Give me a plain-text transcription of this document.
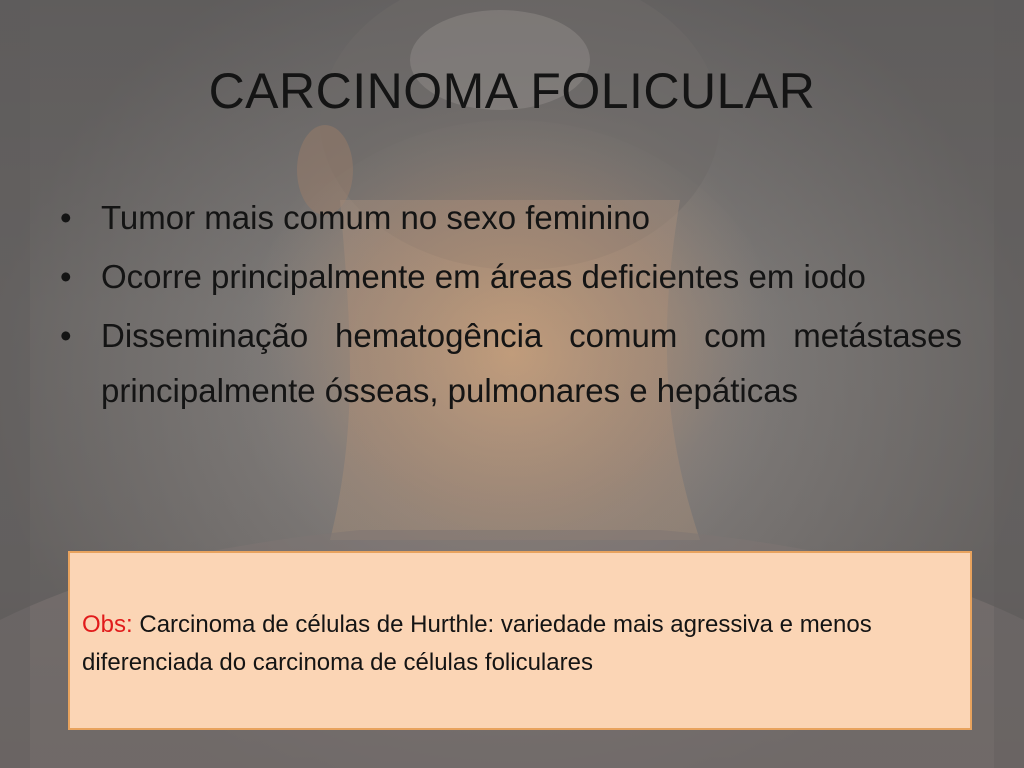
CARCINOMA FOLICULAR
• Tumor mais comum no sexo feminino
• Ocorre principalmente em áreas deficientes em iodo
• Disseminação hematogência comum com metástases principalmente ósseas, pulmonares e hepáticas
Obs: Carcinoma de células de Hurthle: variedade mais agressiva e menos diferenciada do carcinoma de células foliculares
